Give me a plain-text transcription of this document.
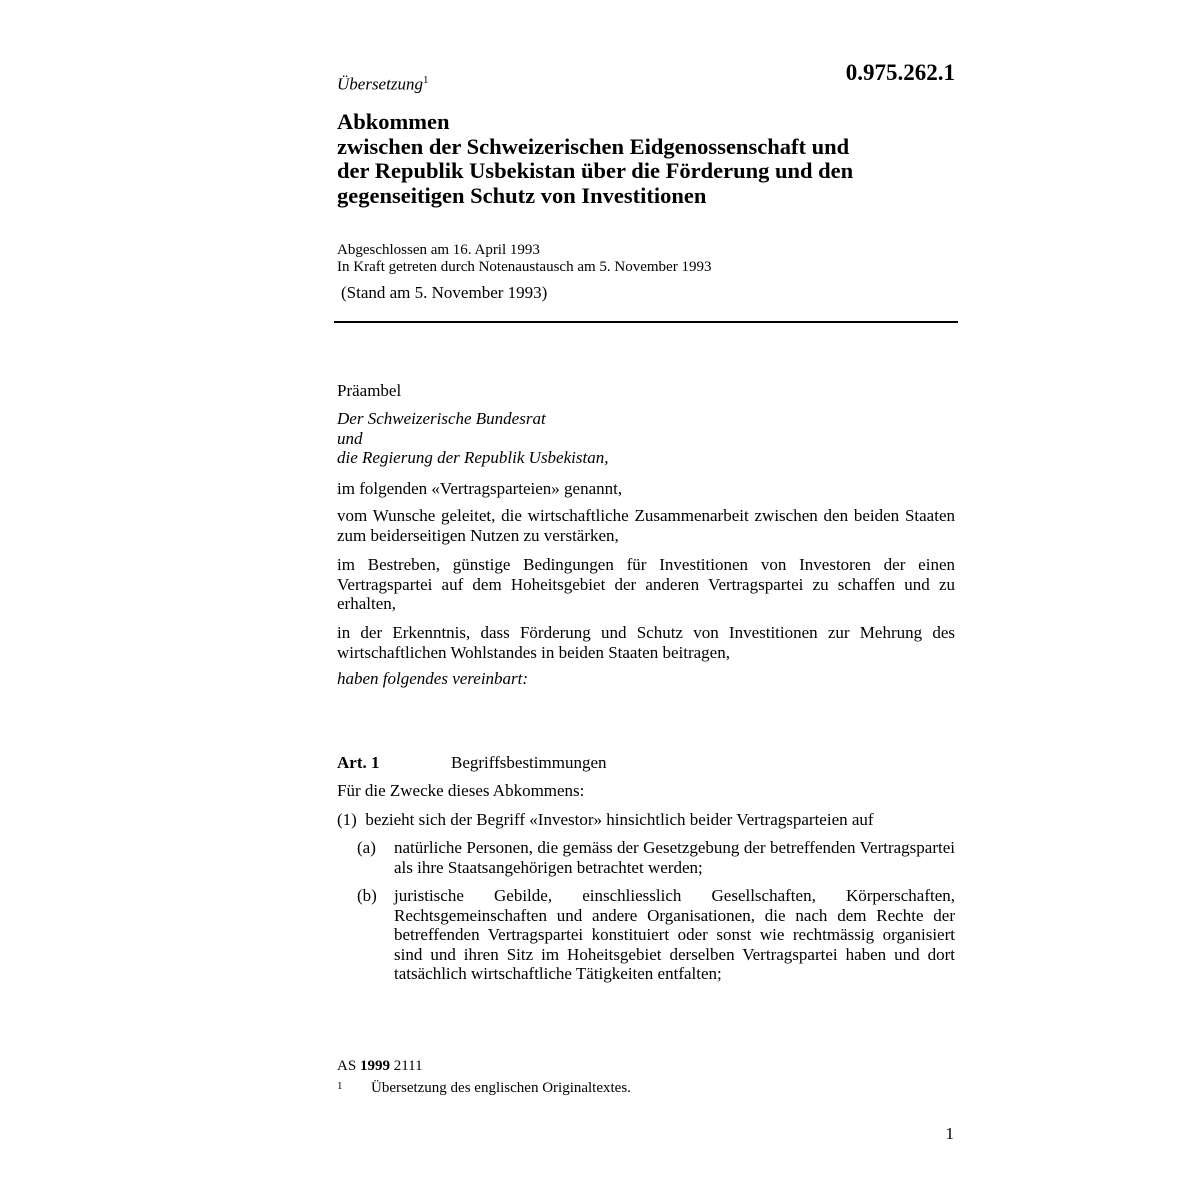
Übersetzung$^1$	0.975.262.1
Abkommen
zwischen der Schweizerischen Eidgenossenschaft und
der Republik Usbekistan über die Förderung und den
gegenseitigen Schutz von Investitionen
Abgeschlossen am 16. April 1993
In Kraft getreten durch Notenaustausch am 5. November 1993
(Stand am 5. November 1993)
Präambel
Der Schweizerische Bundesrat
und
die Regierung der Republik Usbekistan,
im folgenden «Vertragsparteien» genannt,
vom Wunsche geleitet, die wirtschaftliche Zusammenarbeit zwischen den beiden Staaten zum beiderseitigen Nutzen zu verstärken,
im Bestreben, günstige Bedingungen für Investitionen von Investoren der einen Vertragspartei auf dem Hoheitsgebiet der anderen Vertragspartei zu schaffen und zu erhalten,
in der Erkenntnis, dass Förderung und Schutz von Investitionen zur Mehrung des wirtschaftlichen Wohlstandes in beiden Staaten beitragen,
haben folgendes vereinbart:
Art. 1	Begriffsbestimmungen
Für die Zwecke dieses Abkommens:
(1)  bezieht sich der Begriff «Investor» hinsichtlich beider Vertragsparteien auf
(a)	natürliche Personen, die gemäss der Gesetzgebung der betreffenden Vertragspartei als ihre Staatsangehörigen betrachtet werden;
(b)	juristische Gebilde, einschliesslich Gesellschaften, Körperschaften, Rechtsgemeinschaften und andere Organisationen, die nach dem Rechte der betreffenden Vertragspartei konstituiert oder sonst wie rechtmässig organisiert sind und ihren Sitz im Hoheitsgebiet derselben Vertragspartei haben und dort tatsächlich wirtschaftliche Tätigkeiten entfalten;
AS 1999 2111
1	Übersetzung des englischen Originaltextes.
1
